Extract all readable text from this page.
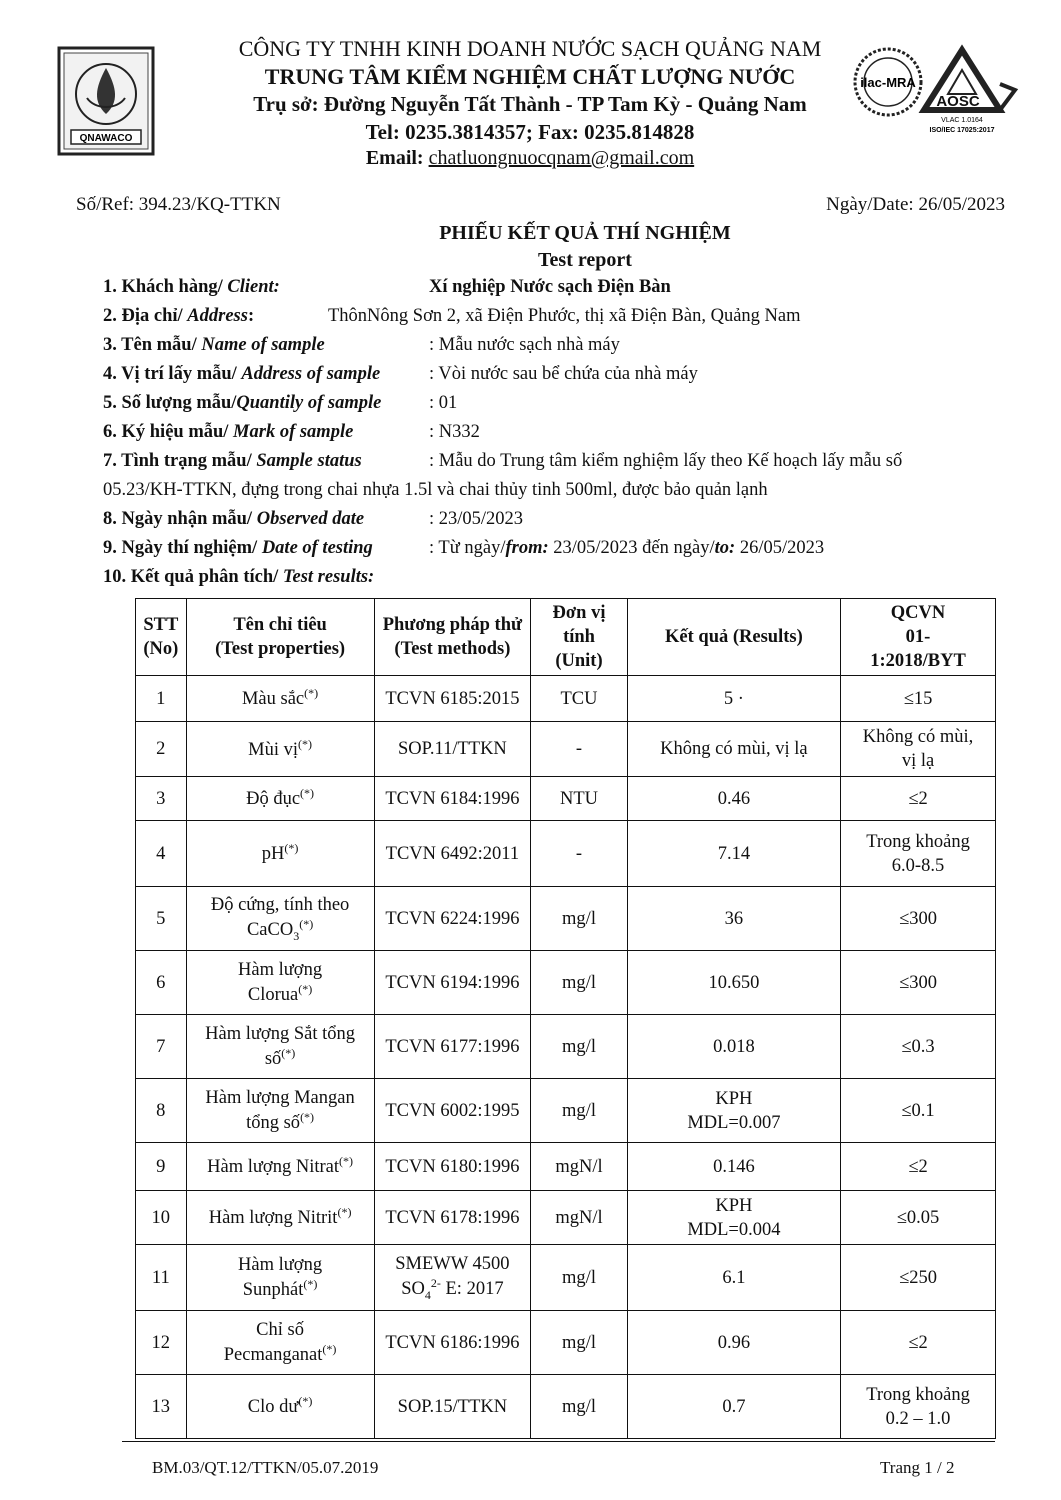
QNAWACO
ilac-MRA
AOSC
VLAC 1.0164
ISO/IEC 17025:2017
CÔNG TY TNHH KINH DOANH NƯỚC SẠCH QUẢNG NAM
TRUNG TÂM KIỂM NGHIỆM CHẤT LƯỢNG NƯỚC
Trụ sở: Đường Nguyễn Tất Thành - TP Tam Kỳ - Quảng Nam
Tel: 0235.3814357; Fax: 0235.814828
Email: chatluongnuocqnam@gmail.com
Số/Ref: 394.23/KQ-TTKN	Ngày/Date: 26/05/2023
PHIẾU KẾT QUẢ THÍ NGHIỆM
Test report
1. Khách hàng/ Client:	Xí nghiệp Nước sạch Điện Bàn
2. Địa chỉ/ Address:	ThônNông Sơn 2, xã Điện Phước, thị xã Điện Bàn, Quảng Nam
3. Tên mẫu/ Name of sample	: Mẫu nước sạch nhà máy
4. Vị trí lấy mẫu/ Address of sample	: Vòi nước sau bể chứa của nhà máy
5. Số lượng mẫu/Quantily of sample	: 01
6. Ký hiệu mẫu/ Mark of sample	: N332
7. Tình trạng mẫu/ Sample status	: Mẫu do Trung tâm kiểm nghiệm lấy theo Kế hoạch lấy mẫu số
05.23/KH-TTKN, đựng trong chai nhựa 1.5l và chai thủy tinh 500ml, được bảo quản lạnh
8. Ngày nhận mẫu/ Observed date	: 23/05/2023
9. Ngày thí nghiệm/ Date of testing	: Từ ngày/from: 23/05/2023 đến ngày/to: 26/05/2023
10. Kết quả phân tích/ Test results:
STT
(No)	Tên chỉ tiêu
(Test properties)	Phương pháp thử
(Test methods)	Đơn vị
tính
(Unit)	Kết quả (Results)	QCVN
01-
1:2018/BYT
1	Màu sắc(*)	TCVN 6185:2015	TCU	5 ·	≤15
2	Mùi vị(*)	SOP.11/TTKN	-	Không có mùi, vị lạ	Không có mùi,
vị lạ
3	Độ đục(*)	TCVN 6184:1996	NTU	0.46	≤2
4	pH(*)	TCVN 6492:2011	-	7.14	Trong khoảng
6.0-8.5
5	Độ cứng, tính theo
CaCO$_3$(*)	TCVN 6224:1996	mg/l	36	≤300
6	Hàm lượng
Clorua(*)	TCVN 6194:1996	mg/l	10.650	≤300
7	Hàm lượng Sắt tổng
số(*)	TCVN 6177:1996	mg/l	0.018	≤0.3
8	Hàm lượng Mangan
tổng số(*)	TCVN 6002:1995	mg/l	KPH
MDL=0.007	≤0.1
9	Hàm lượng Nitrat(*)	TCVN 6180:1996	mgN/l	0.146	≤2
10	Hàm lượng Nitrit(*)	TCVN 6178:1996	mgN/l	KPH
MDL=0.004	≤0.05
11	Hàm lượng
Sunphát(*)	SMEWW 4500
$SO_4^{2-}$ E: 2017	mg/l	6.1	≤250
12	Chỉ số
Pecmanganat(*)	TCVN 6186:1996	mg/l	0.96	≤2
13	Clo dư(*)	SOP.15/TTKN	mg/l	0.7	Trong khoảng
0.2 – 1.0
BM.03/QT.12/TTKN/05.07.2019	Trang 1 / 2
